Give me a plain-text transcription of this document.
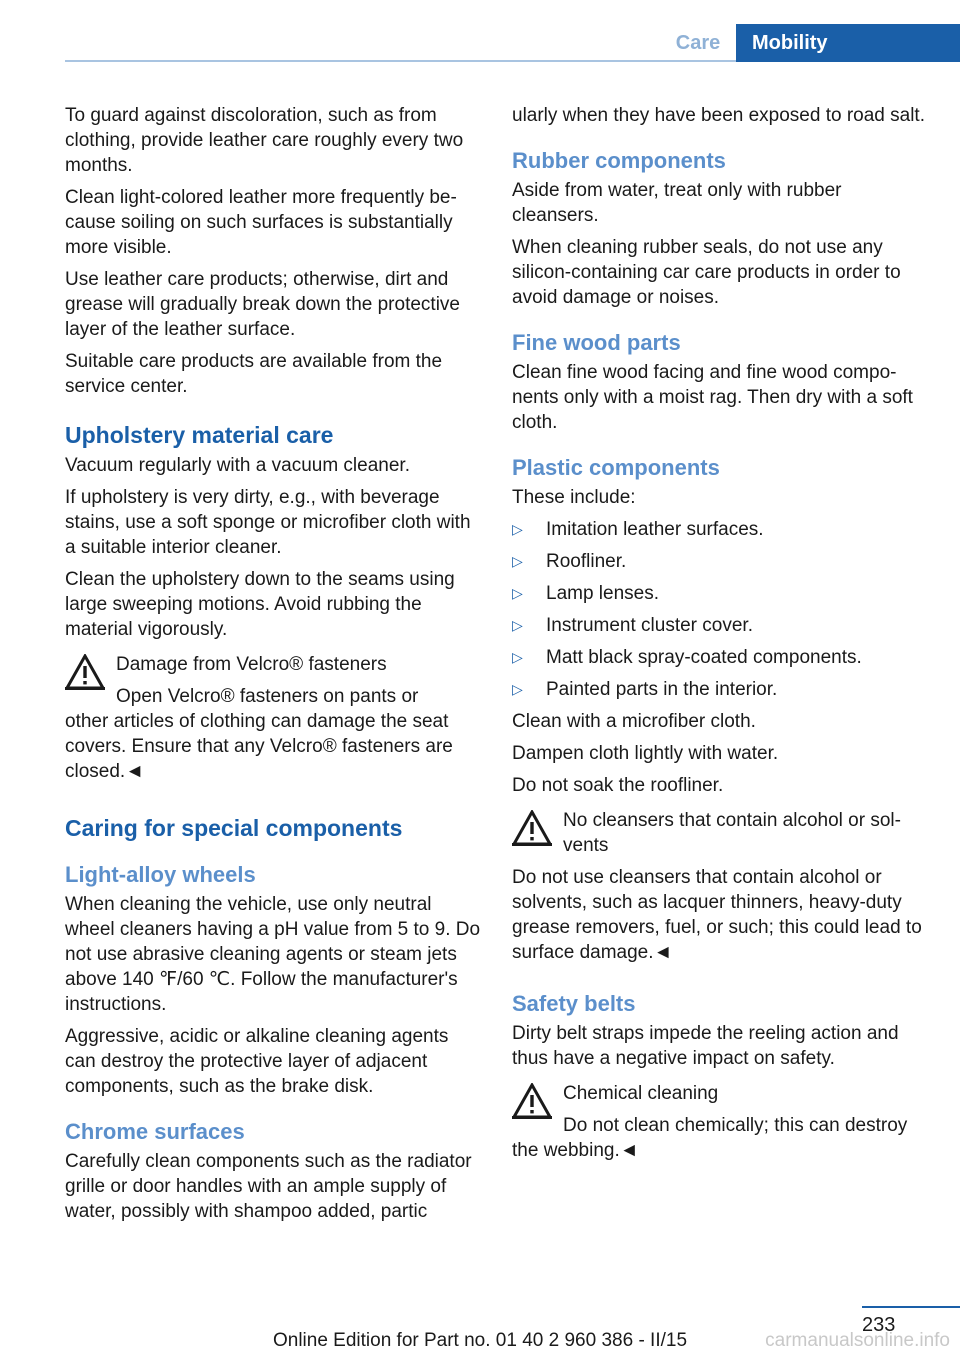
Care	Mobility

To guard against discoloration, such as from clothing, provide leather care roughly every two months.

Clean light-colored leather more frequently because soiling on such surfaces is substantially more visible.

Use leather care products; otherwise, dirt and grease will gradually break down the protective layer of the leather surface.

Suitable care products are available from the service center.

Upholstery material care

Vacuum regularly with a vacuum cleaner.

If upholstery is very dirty, e.g., with beverage stains, use a soft sponge or microfiber cloth with a suitable interior cleaner.

Clean the upholstery down to the seams using large sweeping motions. Avoid rubbing the material vigorously.

Damage from Velcro® fasteners
Open Velcro® fasteners on pants or
other articles of clothing can damage the seat covers. Ensure that any Velcro® fasteners are closed.◄
Caring for special components
Light-alloy wheels

When cleaning the vehicle, use only neutral wheel cleaners having a pH value from 5 to 9. Do not use abrasive cleaning agents or steam jets above 140 ℉/60 ℃. Follow the manufacturer's instructions.

Aggressive, acidic or alkaline cleaning agents can destroy the protective layer of adjacent components, such as the brake disk.

Chrome surfaces

Carefully clean components such as the radiator grille or door handles with an ample supply of water, possibly with shampoo added, partic

ularly when they have been exposed to road salt.

Rubber components

Aside from water, treat only with rubber cleansers.

When cleaning rubber seals, do not use any silicon-containing car care products in order to avoid damage or noises.

Fine wood parts

Clean fine wood facing and fine wood components only with a moist rag. Then dry with a soft cloth.

Plastic components

These include:

▷ Imitation leather surfaces.
▷ Roofliner.
▷ Lamp lenses.
▷ Instrument cluster cover.
▷ Matt black spray-coated components.
▷ Painted parts in the interior.

Clean with a microfiber cloth.

Dampen cloth lightly with water.

Do not soak the roofliner.

No cleansers that contain alcohol or solvents
Do not use cleansers that contain alcohol or solvents, such as lacquer thinners, heavy-duty grease removers, fuel, or such; this could lead to surface damage.◄
Safety belts

Dirty belt straps impede the reeling action and thus have a negative impact on safety.

Chemical cleaning
Do not clean chemically; this can destroy
the webbing.◄
233
Online Edition for Part no. 01 40 2 960 386 - II/15	carmanualsonline.info
